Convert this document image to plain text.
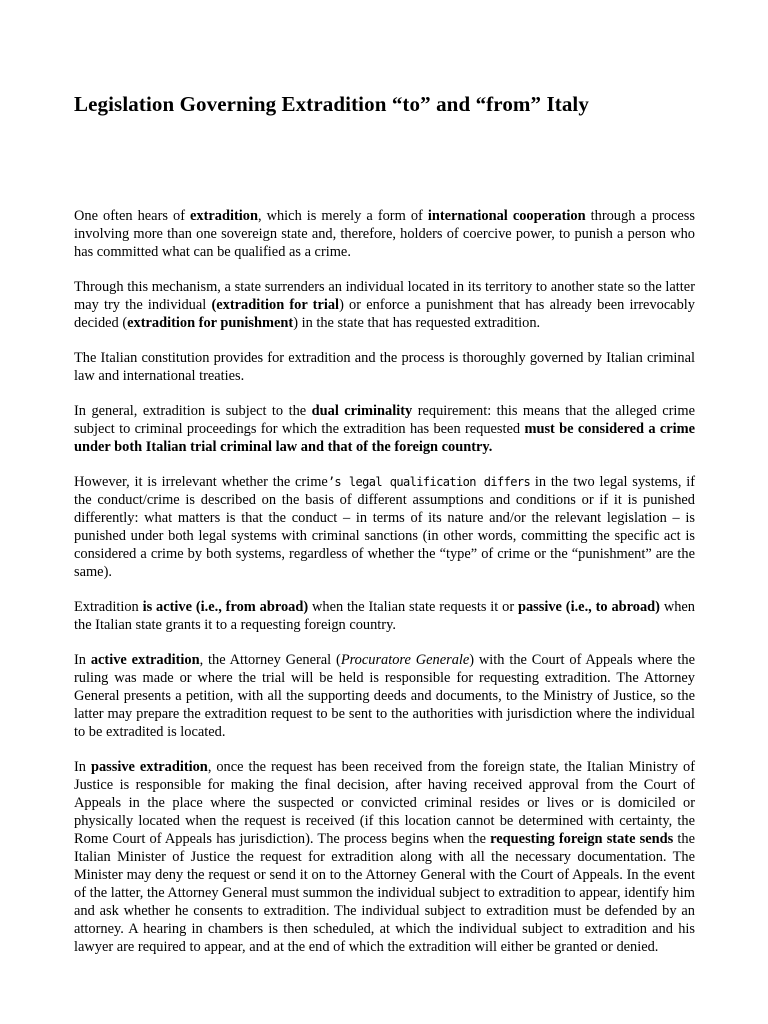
Legislation Governing Extradition “to” and “from” Italy

One often hears of extradition, which is merely a form of international cooperation through a process involving more than one sovereign state and, therefore, holders of coercive power, to punish a person who has committed what can be qualified as a crime.

Through this mechanism, a state surrenders an individual located in its territory to another state so the latter may try the individual (extradition for trial) or enforce a punishment that has already been irrevocably decided (extradition for punishment) in the state that has requested extradition.

The Italian constitution provides for extradition and the process is thoroughly governed by Italian criminal law and international treaties.

In general, extradition is subject to the dual criminality requirement: this means that the alleged crime subject to criminal proceedings for which the extradition has been requested must be considered a crime under both Italian trial criminal law and that of the foreign country.

However, it is irrelevant whether the crime’s legal qualification differs in the two legal systems, if the conduct/crime is described on the basis of different assumptions and conditions or if it is punished differently: what matters is that the conduct – in terms of its nature and/or the relevant legislation – is punished under both legal systems with criminal sanctions (in other words, committing the specific act is considered a crime by both systems, regardless of whether the “type” of crime or the “punishment” are the same).

Extradition is active (i.e., from abroad) when the Italian state requests it or passive (i.e., to abroad) when the Italian state grants it to a requesting foreign country.

In active extradition, the Attorney General (Procuratore Generale) with the Court of Appeals where the ruling was made or where the trial will be held is responsible for requesting extradition. The Attorney General presents a petition, with all the supporting deeds and documents, to the Ministry of Justice, so the latter may prepare the extradition request to be sent to the authorities with jurisdiction where the individual to be extradited is located.

In passive extradition, once the request has been received from the foreign state, the Italian Ministry of Justice is responsible for making the final decision, after having received approval from the Court of Appeals in the place where the suspected or convicted criminal resides or lives or is domiciled or physically located when the request is received (if this location cannot be determined with certainty, the Rome Court of Appeals has jurisdiction). The process begins when the requesting foreign state sends the Italian Minister of Justice the request for extradition along with all the necessary documentation. The Minister may deny the request or send it on to the Attorney General with the Court of Appeals. In the event of the latter, the Attorney General must summon the individual subject to extradition to appear, identify him and ask whether he consents to extradition. The individual subject to extradition must be defended by an attorney. A hearing in chambers is then scheduled, at which the individual subject to extradition and his lawyer are required to appear, and at the end of which the extradition will either be granted or denied.
